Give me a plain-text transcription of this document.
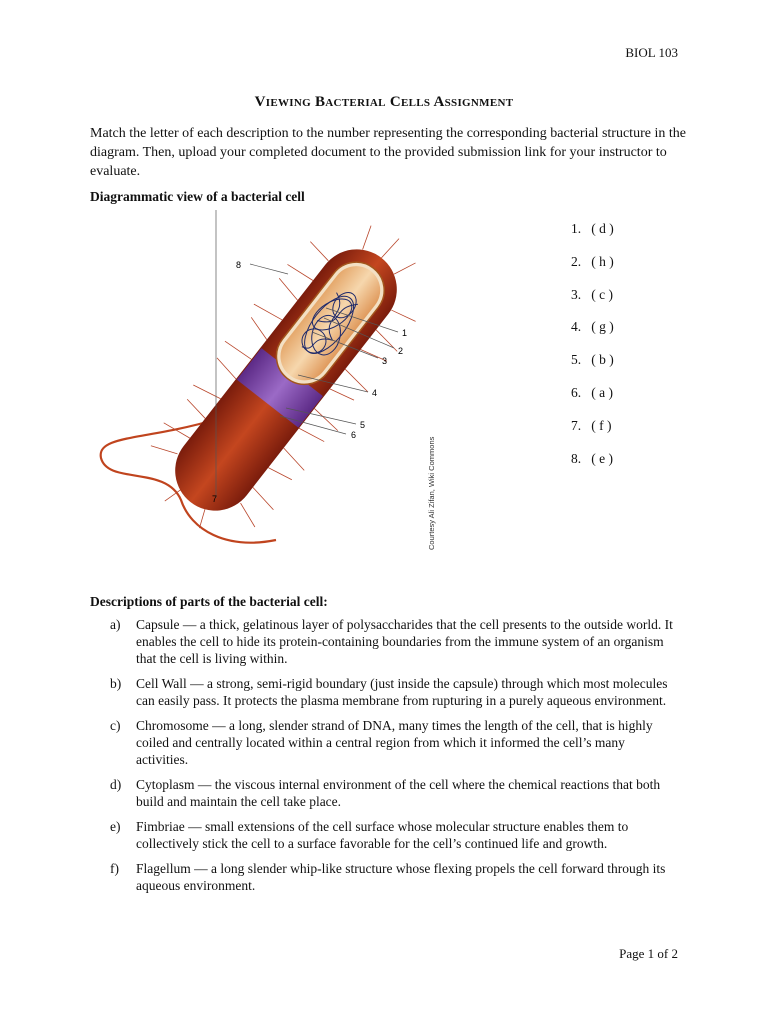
BIOL 103
Viewing Bacterial Cells Assignment
Match the letter of each description to the number representing the corresponding bacterial structure in the diagram. Then, upload your completed document to the provided submission link for your instructor to evaluate.
Diagrammatic view of a bacterial cell
1
2
3
4
5
6
7
8
Courtesy Ali Zifan, Wiki Commons
1. ( d )
2. ( h )
3. ( c )
4. ( g )
5. ( b )
6. ( a )
7. ( f )
8. ( e )
Descriptions of parts of the bacterial cell:
a) Capsule — a thick, gelatinous layer of polysaccharides that the cell presents to the outside world. It enables the cell to hide its protein-containing boundaries from the immune system of an organism that the cell is living within.
b) Cell Wall — a strong, semi-rigid boundary (just inside the capsule) through which most molecules can easily pass. It protects the plasma membrane from rupturing in a purely aqueous environment.
c) Chromosome — a long, slender strand of DNA, many times the length of the cell, that is highly coiled and centrally located within a central region from which it informed the cell’s many activities.
d) Cytoplasm — the viscous internal environment of the cell where the chemical reactions that both build and maintain the cell take place.
e) Fimbriae — small extensions of the cell surface whose molecular structure enables them to collectively stick the cell to a surface favorable for the cell’s continued life and growth.
f) Flagellum — a long slender whip-like structure whose flexing propels the cell forward through its aqueous environment.
Page 1 of 2
